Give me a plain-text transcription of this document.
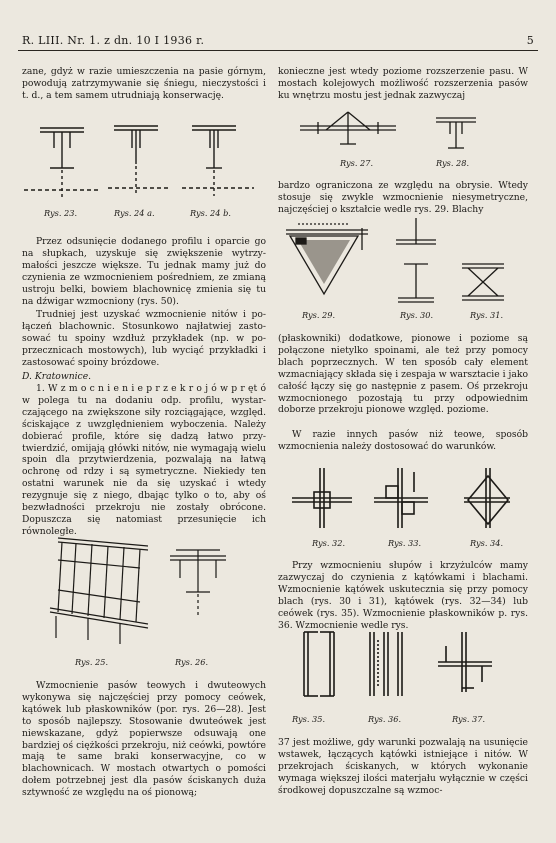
R. LIII. Nr. 1. z dn. 10 I 1936 r.	5
zane, gdyż w razie umieszczenia na pasie górnym, powodują zatrzymywanie się śniegu, nieczystości i t. d., a tem samem utrudniają konserwację.
Rys. 23.	Rys. 24 a.	Rys. 24 b.
Przez odsunięcie dodanego profilu i oparcie go na słupkach, uzyskuje się zwiększenie wytrzymałości jeszcze większe. Tu jednak mamy już do czynienia ze wzmocnieniem pośredniem, ze zmianą ustroju belki, bowiem blachownicę zmienia się tu na dźwigar wzmocniony (rys. 50).
Trudniej jest uzyskać wzmocnienie nitów i połączeń blachownic. Stosunkowo najłatwiej zastosować tu spoiny wzdłuż przykładek (np. w poprzecznicach mostowych), lub wyciąć przykładki i zastosować spoiny brózdowe.
D. Kratownice.
1. W z m o c n i e n i e p r z e k r o j ó w p r ęt ó w polega tu na dodaniu odp. profilu, wystarczającego na zwiększone siły rozciągające, względ. ściskające z uwzględnieniem wyboczenia. Należy dobierać profile, które się dadzą łatwo przytwierdzić, omijają główki nitów, nie wymagają wielu spoin dla przytwierdzenia, pozwalają na łatwą ochronę od rdzy i są symetryczne. Niekiedy ten ostatni warunek nie da się uzyskać i wtedy rezygnuje się z niego, dbając tylko o to, aby oś bezwładności przekroju nie zostały obrócone. Dopuszcza się natomiast przesunięcie ich równoległe.
Rys. 25.	Rys. 26.
Wzmocnienie pasów teowych i dwuteowych wykonywa się najczęściej przy pomocy ceówek, kątówek lub płaskowników (por. rys. 26—28). Jest to sposób najlepszy. Stosowanie dwuteówek jest niewskazane, gdyż popierwsze odsuwają one bardziej oś ciężkości przekroju, niż ceówki, powtóre mają te same braki konserwacyjne, co w blachownicach. W mostach otwartych o pomości dołem potrzebnej jest dla pasów ściskanych duża sztywność ze względu na oś pionową;
konieczne jest wtedy poziome rozszerzenie pasu. W mostach kolejowych możliwość rozszerzenia pasów ku wnętrzu mostu jest jednak zazwyczaj
Rys. 27.	Rys. 28.
bardzo ograniczona ze względu na obrysie. Wtedy stosuje się zwykle wzmocnienie niesymetryczne, najczęściej o kształcie wedle rys. 29. Blachy
Rys. 29.	Rys. 30.	Rys. 31.
(płaskowniki) dodatkowe, pionowe i poziome są połączone nietylko spoinami, ale też przy pomocy blach poprzecznych. W ten sposób cały element wzmacniający składa się i zespaja w warsztacie i jako całość łączy się go następnie z pasem. Oś przekroju wzmocnionego pozostają tu przy odpowiednim doborze przekroju pionowe względ. poziome.
W razie innych pasów niż teowe, sposób wzmocnienia należy dostosować do warunków.
Rys. 32.	Rys. 33.	Rys. 34.
Przy wzmocnieniu słupów i krzyżulców mamy zazwyczaj do czynienia z kątówkami i blachami. Wzmocnienie kątówek uskutecznia się przy pomocy blach (rys. 30 i 31), kątówek (rys. 32—34) lub ceówek (rys. 35). Wzmocnienie płaskowników p. rys. 36. Wzmocnienie wedle rys.
Rys. 35.	Rys. 36.	Rys. 37.
37 jest możliwe, gdy warunki pozwalają na usunięcie wstawek, łączących kątówki istniejące i nitów. W przekrojach ściskanych, w których wykonanie wymaga większej ilości materjału wyłącznie w części środkowej dopuszczalne są wzmoc-
